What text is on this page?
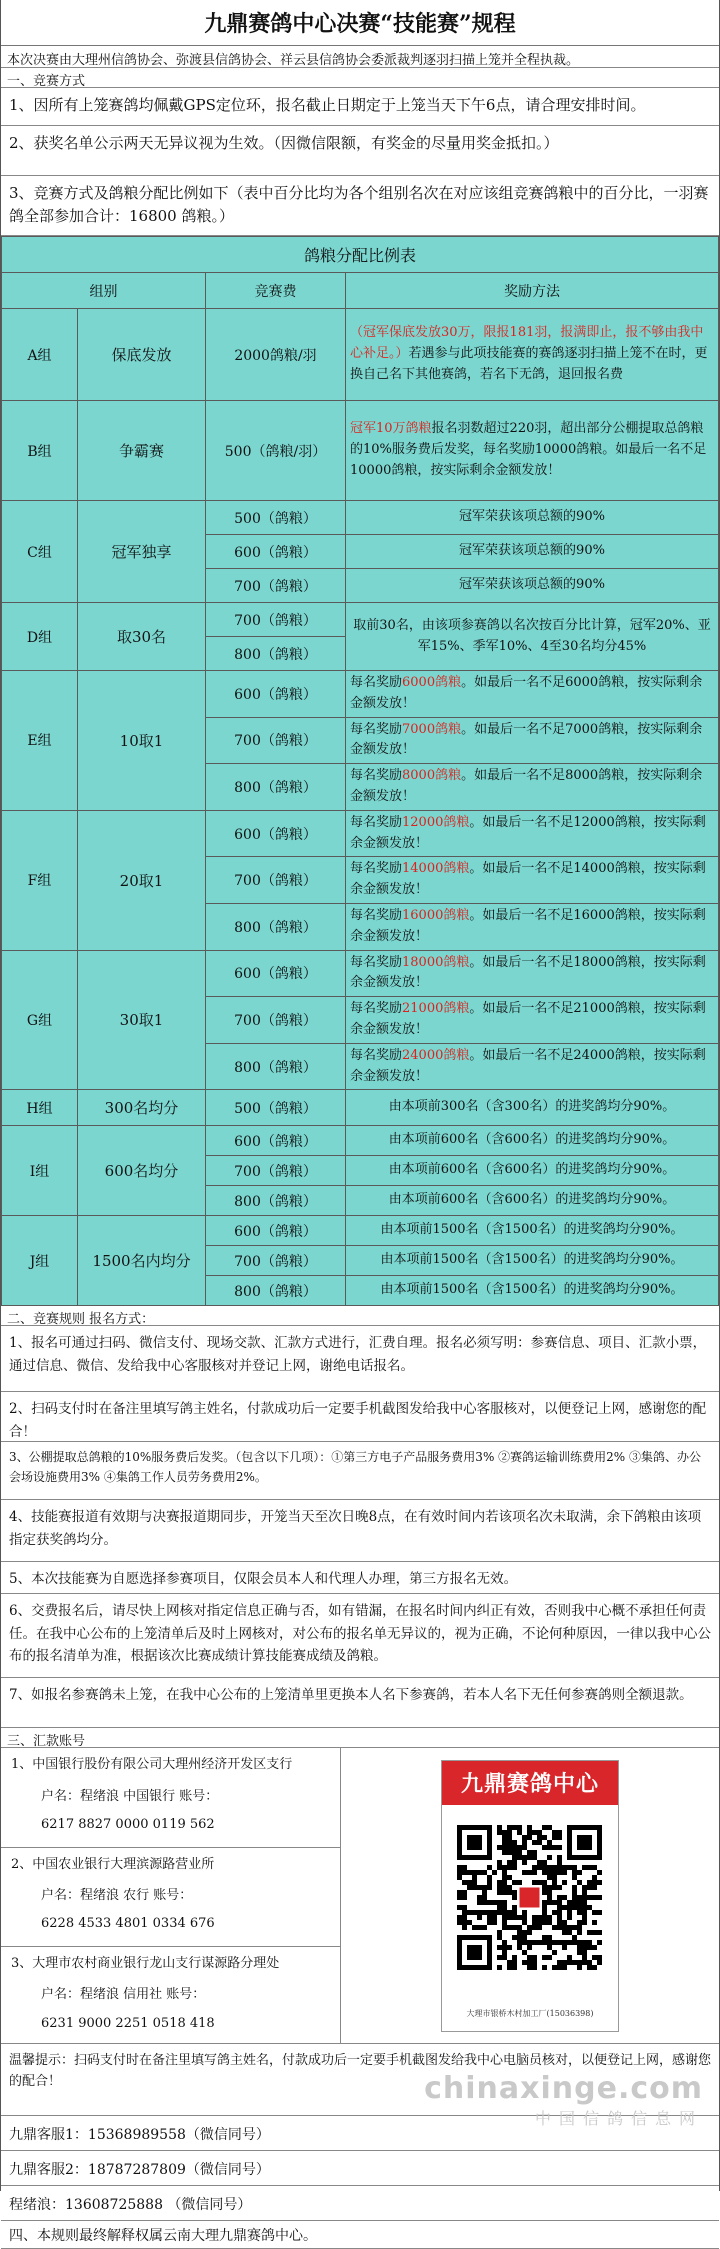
九鼎赛鸽中心决赛“技能赛”规程
本次决赛由大理州信鸽协会、弥渡县信鸽协会、祥云县信鸽协会委派裁判逐羽扫描上笼并全程执裁。
一、竞赛方式
1、因所有上笼赛鸽均佩戴GPS定位环，报名截止日期定于上笼当天下午6点，请合理安排时间。
2、获奖名单公示两天无异议视为生效。（因微信限额，有奖金的尽量用奖金抵扣。）
3、竞赛方式及鸽粮分配比例如下（表中百分比均为各个组别名次在对应该组竞赛鸽粮中的百分比，一羽赛鸽全部参加合计：16800 鸽粮。）
鸽粮分配比例表			
组别		竞赛费	奖励方法
A组	保底发放	2000鸽粮/羽	（冠军保底发放30万，限报181羽，报满即止，报不够由我中心补足。）若遇参与此项技能赛的赛鸽逐羽扫描上笼不在时，更换自己名下其他赛鸽，若名下无鸽，退回报名费
B组	争霸赛	500（鸽粮/羽）	冠军10万鸽粮报名羽数超过220羽，超出部分公棚提取总鸽粮的10%服务费后发奖，每名奖励10000鸽粮。如最后一名不足10000鸽粮，按实际剩余金额发放！
C组	冠军独享	500（鸽粮）	冠军荣获该项总额的90%
		600（鸽粮）	冠军荣获该项总额的90%
		700（鸽粮）	冠军荣获该项总额的90%
D组	取30名	700（鸽粮）	取前30名，由该项参赛鸽以名次按百分比计算，冠军20%、亚军15%、季军10%、4至30名均分45%
		800（鸽粮）	
E组	10取1	600（鸽粮）	每名奖励6000鸽粮。如最后一名不足6000鸽粮，按实际剩余金额发放！
		700（鸽粮）	每名奖励7000鸽粮。如最后一名不足7000鸽粮，按实际剩余金额发放！
		800（鸽粮）	每名奖励8000鸽粮。如最后一名不足8000鸽粮，按实际剩余金额发放！
F组	20取1	600（鸽粮）	每名奖励12000鸽粮。如最后一名不足12000鸽粮，按实际剩余金额发放！
		700（鸽粮）	每名奖励14000鸽粮。如最后一名不足14000鸽粮，按实际剩余金额发放！
		800（鸽粮）	每名奖励16000鸽粮。如最后一名不足16000鸽粮，按实际剩余金额发放！
G组	30取1	600（鸽粮）	每名奖励18000鸽粮。如最后一名不足18000鸽粮，按实际剩余金额发放！
		700（鸽粮）	每名奖励21000鸽粮。如最后一名不足21000鸽粮，按实际剩余金额发放！
		800（鸽粮）	每名奖励24000鸽粮。如最后一名不足24000鸽粮，按实际剩余金额发放！
H组	300名均分	500（鸽粮）	由本项前300名（含300名）的进奖鸽均分90%。
I组	600名均分	600（鸽粮）	由本项前600名（含600名）的进奖鸽均分90%。
		700（鸽粮）	由本项前600名（含600名）的进奖鸽均分90%。
		800（鸽粮）	由本项前600名（含600名）的进奖鸽均分90%。
J组	1500名内均分	600（鸽粮）	由本项前1500名（含1500名）的进奖鸽均分90%。
		700（鸽粮）	由本项前1500名（含1500名）的进奖鸽均分90%。
		800（鸽粮）	由本项前1500名（含1500名）的进奖鸽均分90%。
二、竞赛规则 报名方式：
1、报名可通过扫码、微信支付、现场交款、汇款方式进行，汇费自理。报名必须写明：参赛信息、项目、汇款小票，通过信息、微信、发给我中心客服核对并登记上网，谢绝电话报名。
2、扫码支付时在备注里填写鸽主姓名，付款成功后一定要手机截图发给我中心客服核对，以便登记上网，感谢您的配合！
3、公棚提取总鸽粮的10%服务费后发奖。（包含以下几项）：①第三方电子产品服务费用3% ②赛鸽运输训练费用2% ③集鸽、办公会场设施费用3% ④集鸽工作人员劳务费用2%。
4、技能赛报道有效期与决赛报道期同步，开笼当天至次日晚8点，在有效时间内若该项名次未取满，余下鸽粮由该项指定获奖鸽均分。
5、本次技能赛为自愿选择参赛项目，仅限会员本人和代理人办理，第三方报名无效。
6、交费报名后，请尽快上网核对指定信息正确与否，如有错漏，在报名时间内纠正有效，否则我中心概不承担任何责任。在我中心公布的上笼清单后及时上网核对，对公布的报名单无异议的，视为正确，不论何种原因，一律以我中心公布的报名清单为准，根据该次比赛成绩计算技能赛成绩及鸽粮。
7、如报名参赛鸽未上笼，在我中心公布的上笼清单里更换本人名下参赛鸽，若本人名下无任何参赛鸽则全额退款。
三、汇款账号
1、中国银行股份有限公司大理州经济开发区支行
户名：程绪浪 中国银行 账号：
6217 8827 0000 0119 562
2、中国农业银行大理滨源路营业所
户名：程绪浪 农行 账号：
6228 4533 4801 0334 676
3、大理市农村商业银行龙山支行谋源路分理处
户名：程绪浪 信用社 账号：
6231 9000 2251 0518 418
九鼎赛鸽中心
大理市银桥木村加工厂(15036398)
温馨提示：扫码支付时在备注里填写鸽主姓名，付款成功后一定要手机截图发给我中心电脑员核对，以便登记上网，感谢您的配合！
九鼎客服1：15368989558（微信同号）
九鼎客服2：18787287809（微信同号）
程绪浪：13608725888 （微信同号）
四、本规则最终解释权属云南大理九鼎赛鸽中心。
chinaxinge.com
中国信鸽信息网
